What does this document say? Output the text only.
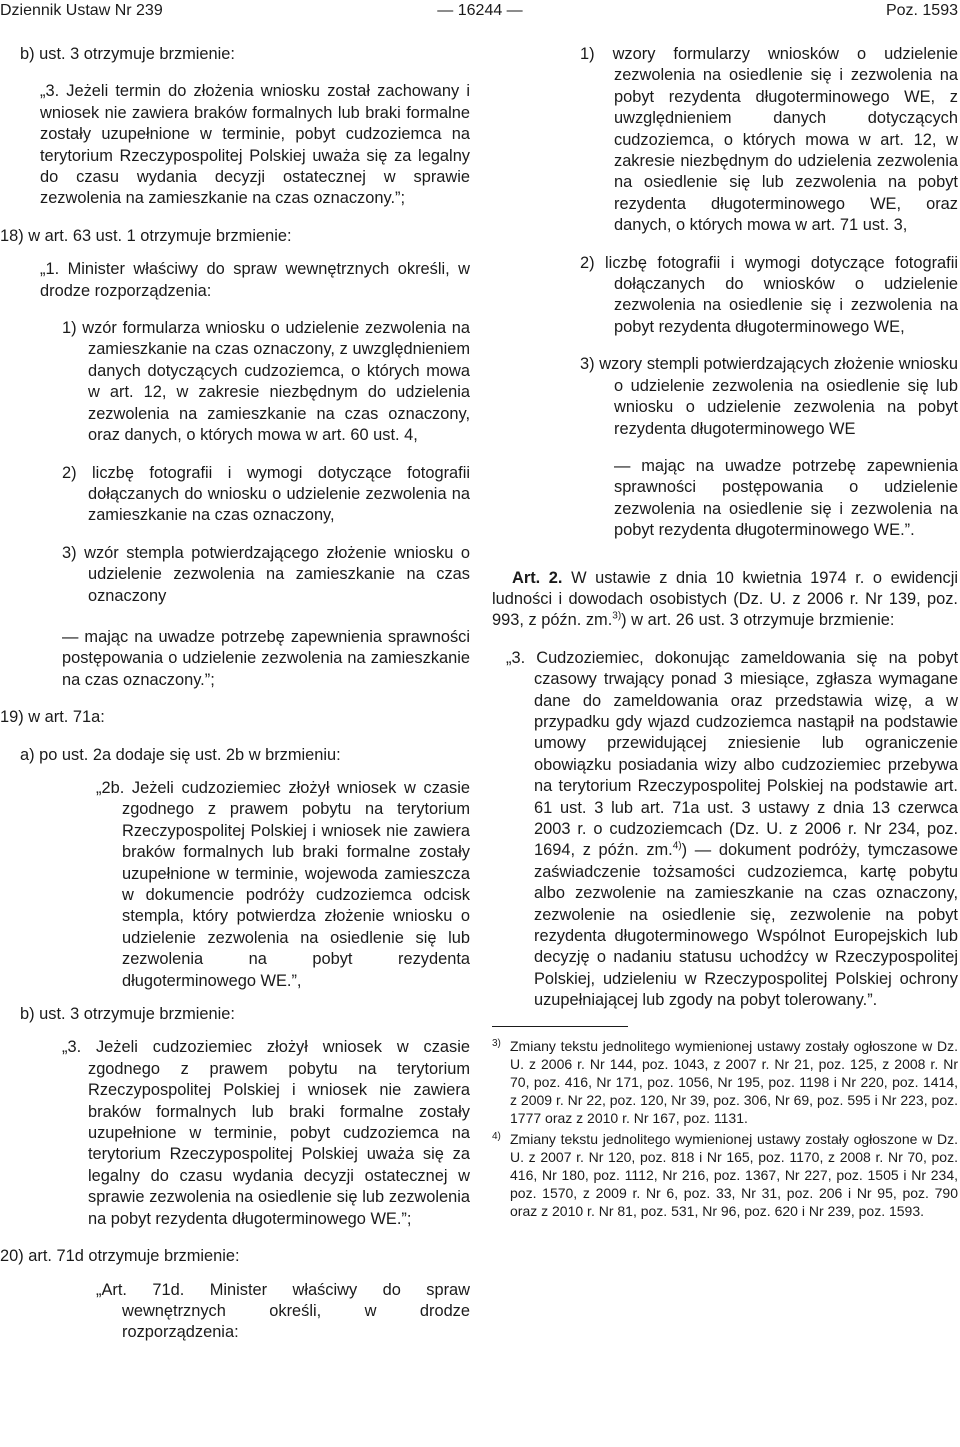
Dziennik Ustaw Nr 239	— 16244 —	Poz. 1593

b) ust. 3 otrzymuje brzmienie:

„3. Jeżeli termin do złożenia wniosku został zachowany i wniosek nie zawiera braków formalnych lub braki formalne zostały uzupełnione w terminie, pobyt cudzoziemca na terytorium Rzeczypospolitej Polskiej uważa się za legalny do czasu wydania decyzji ostatecznej w sprawie zezwolenia na zamieszkanie na czas oznaczony.”;

18) w art. 63 ust. 1 otrzymuje brzmienie:

„1. Minister właściwy do spraw wewnętrznych określi, w drodze rozporządzenia:

1) wzór formularza wniosku o udzielenie zezwolenia na zamieszkanie na czas oznaczony, z uwzględnieniem danych dotyczących cudzoziemca, o których mowa w art. 12, w zakresie niezbędnym do udzielenia zezwolenia na zamieszkanie na czas oznaczony, oraz danych, o których mowa w art. 60 ust. 4,

2) liczbę fotografii i wymogi dotyczące fotografii dołączanych do wniosku o udzielenie zezwolenia na zamieszkanie na czas oznaczony,

3) wzór stempla potwierdzającego złożenie wniosku o udzielenie zezwolenia na zamieszkanie na czas oznaczony

— mając na uwadze potrzebę zapewnienia sprawności postępowania o udzielenie zezwolenia na zamieszkanie na czas oznaczony.”;

19) w art. 71a:

a) po ust. 2a dodaje się ust. 2b w brzmieniu:

„2b. Jeżeli cudzoziemiec złożył wniosek w czasie zgodnego z prawem pobytu na terytorium Rzeczypospolitej Polskiej i wniosek nie zawiera braków formalnych lub braki formalne zostały uzupełnione w terminie, wojewoda zamieszcza w dokumencie podróży cudzoziemca odcisk stempla, który potwierdza złożenie wniosku o udzielenie zezwolenia na osiedlenie się lub zezwolenia na pobyt rezydenta długoterminowego WE.”,

b) ust. 3 otrzymuje brzmienie:

„3. Jeżeli cudzoziemiec złożył wniosek w czasie zgodnego z prawem pobytu na terytorium Rzeczypospolitej Polskiej i wniosek nie zawiera braków formalnych lub braki formalne zostały uzupełnione w terminie, pobyt cudzoziemca na terytorium Rzeczypospolitej Polskiej uważa się za legalny do czasu wydania decyzji ostatecznej w sprawie zezwolenia na osiedlenie się lub zezwolenia na pobyt rezydenta długoterminowego WE.”;

20) art. 71d otrzymuje brzmienie:

„Art. 71d. Minister właściwy do spraw wewnętrznych określi, w drodze rozporządzenia:

1) wzory formularzy wniosków o udzielenie zezwolenia na osiedlenie się i zezwolenia na pobyt rezydenta długoterminowego WE, z uwzględnieniem danych dotyczących cudzoziemca, o których mowa w art. 12, w zakresie niezbędnym do udzielenia zezwolenia na osiedlenie się lub zezwolenia na pobyt rezydenta długoterminowego WE, oraz danych, o których mowa w art. 71 ust. 3,

2) liczbę fotografii i wymogi dotyczące fotografii dołączanych do wniosków o udzielenie zezwolenia na osiedlenie się i zezwolenia na pobyt rezydenta długoterminowego WE,

3) wzory stempli potwierdzających złożenie wniosku o udzielenie zezwolenia na osiedlenie się lub wniosku o udzielenie zezwolenia na pobyt rezydenta długoterminowego WE

— mając na uwadze potrzebę zapewnienia sprawności postępowania o udzielenie zezwolenia na osiedlenie się i zezwolenia na pobyt rezydenta długoterminowego WE.”.

Art. 2. W ustawie z dnia 10 kwietnia 1974 r. o ewidencji ludności i dowodach osobistych (Dz. U. z 2006 r. Nr 139, poz. 993, z późn. zm.$^{3)}$) w art. 26 ust. 3 otrzymuje brzmienie:

„3. Cudzoziemiec, dokonując zameldowania się na pobyt czasowy trwający ponad 3 miesiące, zgłasza wymagane dane do zameldowania oraz przedstawia wizę, a w przypadku gdy wjazd cudzoziemca nastąpił na podstawie umowy przewidującej zniesienie lub ograniczenie obowiązku posiadania wizy albo cudzoziemiec przebywa na terytorium Rzeczypospolitej Polskiej na podstawie art. 61 ust. 3 lub art. 71a ust. 3 ustawy z dnia 13 czerwca 2003 r. o cudzoziemcach (Dz. U. z 2006 r. Nr 234, poz. 1694, z późn. zm.$^{4)}$) — dokument podróży, tymczasowe zaświadczenie tożsamości cudzoziemca, kartę pobytu albo zezwolenie na zamieszkanie na czas oznaczony, zezwolenie na osiedlenie się, zezwolenie na pobyt rezydenta długoterminowego Wspólnot Europejskich lub decyzję o nadaniu statusu uchodźcy w Rzeczypospolitej Polskiej, udzieleniu w Rzeczypospolitej Polskiej ochrony uzupełniającej lub zgody na pobyt tolerowany.”.

3) Zmiany tekstu jednolitego wymienionej ustawy zostały ogłoszone w Dz. U. z 2006 r. Nr 144, poz. 1043, z 2007 r. Nr 21, poz. 125, z 2008 r. Nr 70, poz. 416, Nr 171, poz. 1056, Nr 195, poz. 1198 i Nr 220, poz. 1414, z 2009 r. Nr 22, poz. 120, Nr 39, poz. 306, Nr 69, poz. 595 i Nr 223, poz. 1777 oraz z 2010 r. Nr 167, poz. 1131.

4) Zmiany tekstu jednolitego wymienionej ustawy zostały ogłoszone w Dz. U. z 2007 r. Nr 120, poz. 818 i Nr 165, poz. 1170, z 2008 r. Nr 70, poz. 416, Nr 180, poz. 1112, Nr 216, poz. 1367, Nr 227, poz. 1505 i Nr 234, poz. 1570, z 2009 r. Nr 6, poz. 33, Nr 31, poz. 206 i Nr 95, poz. 790 oraz z 2010 r. Nr 81, poz. 531, Nr 96, poz. 620 i Nr 239, poz. 1593.
